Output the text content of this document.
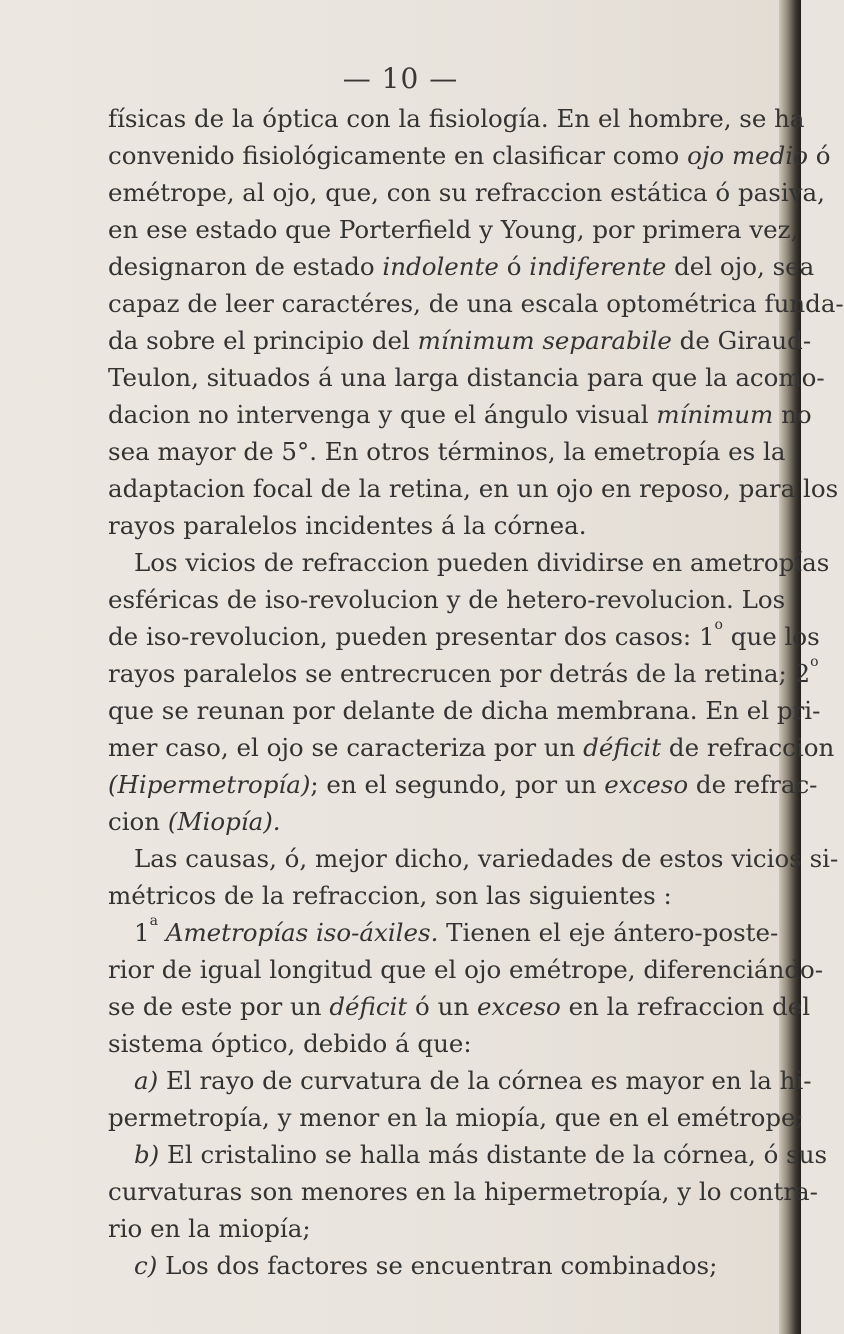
— 10 —
físicas de la óptica con la fisiología. En el hombre, se ha
convenido fisiológicamente en clasificar como ojo medio ó
emétrope, al ojo, que, con su refraccion estática ó pasiva,
en ese estado que Porterfield y Young, por primera vez,
designaron de estado indolente ó indiferente del ojo, sea
capaz de leer caractéres, de una escala optométrica funda-
da sobre el principio del mínimum separabile de Giraud-
Teulon, situados á una larga distancia para que la acomo-
dacion no intervenga y que el ángulo visual mínimum no
sea mayor de 5°. En otros términos, la emetropía es la
adaptacion focal de la retina, en un ojo en reposo, para los
rayos paralelos incidentes á la córnea.
Los vicios de refraccion pueden dividirse en ametropías
esféricas de iso-revolucion y de hetero-revolucion. Los
de iso-revolucion, pueden presentar dos casos: 1$^o$ que los
rayos paralelos se entrecrucen por detrás de la retina; 2$^o$
que se reunan por delante de dicha membrana. En el pri-
mer caso, el ojo se caracteriza por un déficit de refraccion
(Hipermetropía); en el segundo, por un exceso de refrac-
cion (Miopía).
Las causas, ó, mejor dicho, variedades de estos vicios si-
métricos de la refraccion, son las siguientes :
1$^a$ Ametropías iso-áxiles. Tienen el eje ántero-poste-
rior de igual longitud que el ojo emétrope, diferenciándo-
se de este por un déficit ó un exceso en la refraccion del
sistema óptico, debido á que:
a) El rayo de curvatura de la córnea es mayor en la hi-
permetropía, y menor en la miopía, que en el emétrope;
b) El cristalino se halla más distante de la córnea, ó sus
curvaturas son menores en la hipermetropía, y lo contra-
rio en la miopía;
c) Los dos factores se encuentran combinados;
